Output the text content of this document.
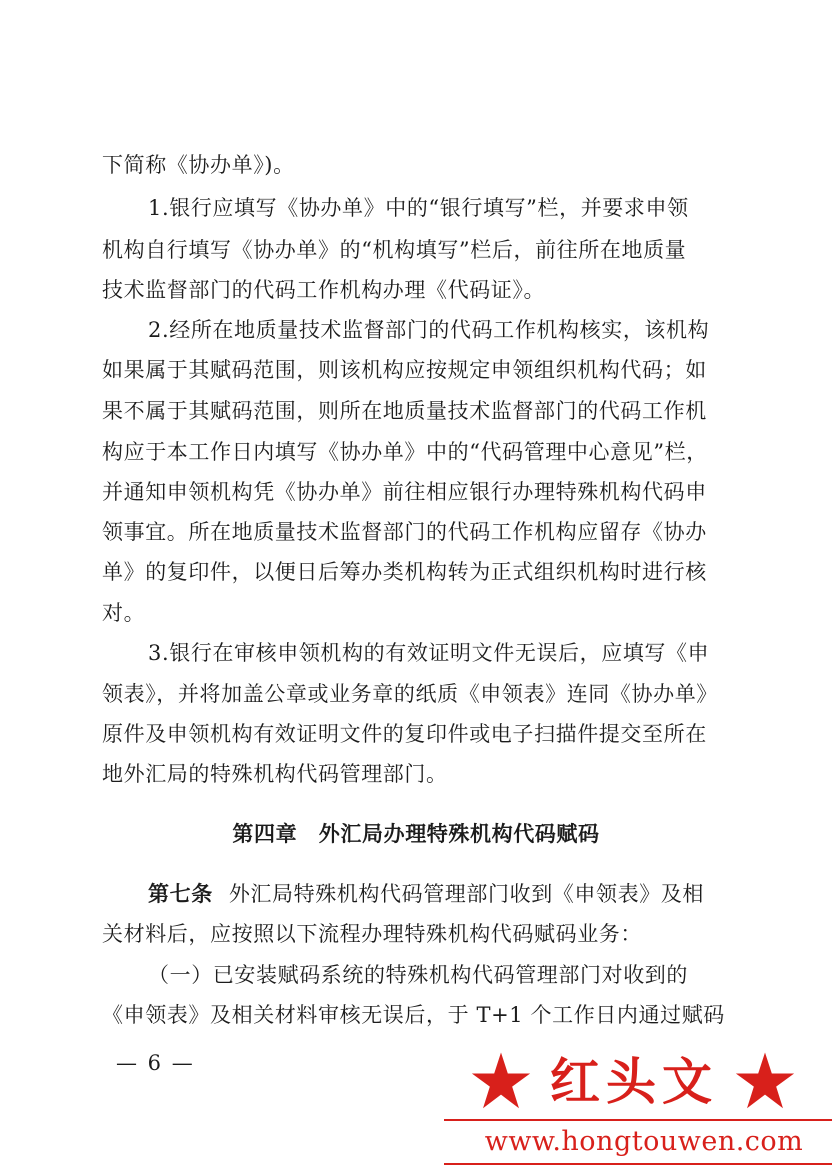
下简称《协办单》)。
1.银行应填写《协办单》中的“银行填写”栏，并要求申领
机构自行填写《协办单》的“机构填写”栏后，前往所在地质量
技术监督部门的代码工作机构办理《代码证》。
2.经所在地质量技术监督部门的代码工作机构核实，该机构
如果属于其赋码范围，则该机构应按规定申领组织机构代码；如
果不属于其赋码范围，则所在地质量技术监督部门的代码工作机
构应于本工作日内填写《协办单》中的“代码管理中心意见”栏，
并通知申领机构凭《协办单》前往相应银行办理特殊机构代码申
领事宜。所在地质量技术监督部门的代码工作机构应留存《协办
单》的复印件，以便日后筹办类机构转为正式组织机构时进行核
对。
3.银行在审核申领机构的有效证明文件无误后，应填写《申
领表》，并将加盖公章或业务章的纸质《申领表》连同《协办单》
原件及申领机构有效证明文件的复印件或电子扫描件提交至所在
地外汇局的特殊机构代码管理部门。
第四章　外汇局办理特殊机构代码赋码
第七条 外汇局特殊机构代码管理部门收到《申领表》及相
关材料后，应按照以下流程办理特殊机构代码赋码业务：
（一）已安装赋码系统的特殊机构代码管理部门对收到的
《申领表》及相关材料审核无误后，于 T+1 个工作日内通过赋码
— 6 —	红头文
www.hongtouwen.com
